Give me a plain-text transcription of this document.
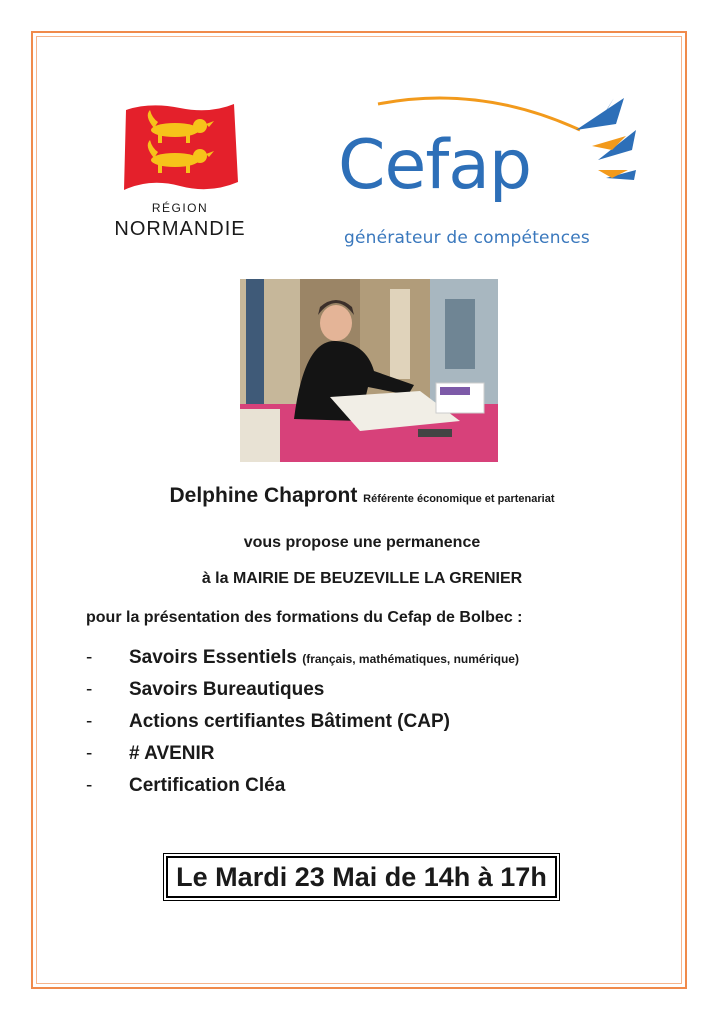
RÉGION
NORMANDIE
Cefap
générateur de compétences
Delphine Chapront Référente économique et partenariat
vous propose une permanence
à la MAIRIE DE BEUZEVILLE LA GRENIER
pour la présentation des formations du Cefap de Bolbec :
- Savoirs Essentiels (français, mathématiques, numérique)
- Savoirs Bureautiques
- Actions certifiantes Bâtiment (CAP)
- # AVENIR
- Certification Cléa
Le Mardi 23 Mai de 14h à 17h
